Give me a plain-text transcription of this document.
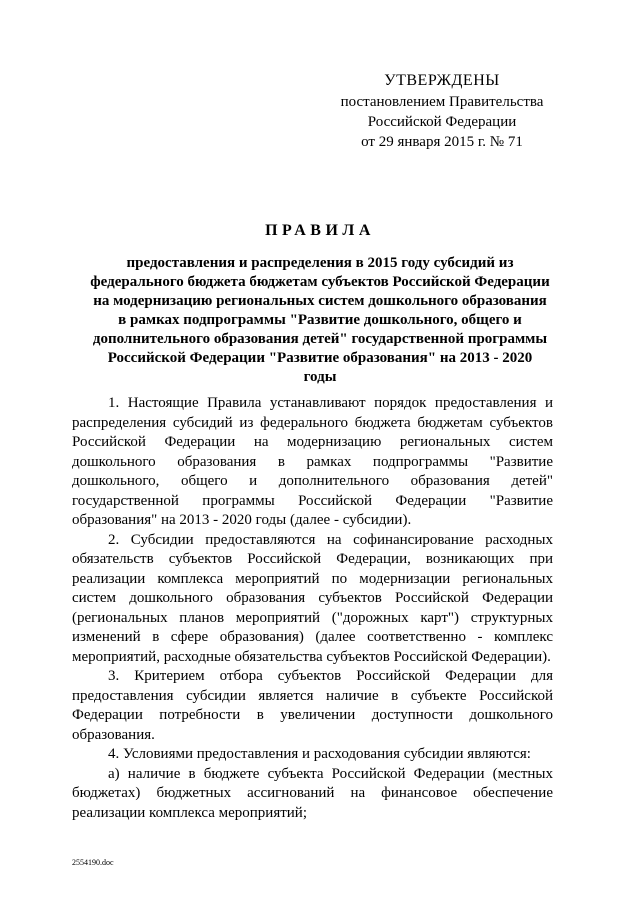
УТВЕРЖДЕНЫ
постановлением Правительства
Российской Федерации
от 29 января 2015 г. № 71
ПРАВИЛА
предоставления и распределения в 2015 году субсидий из федерального бюджета бюджетам субъектов Российской Федерации на модернизацию региональных систем дошкольного образования в рамках подпрограммы "Развитие дошкольного, общего и дополнительного образования детей" государственной программы Российской Федерации "Развитие образования" на 2013 - 2020 годы

1. Настоящие Правила устанавливают порядок предоставления и распределения субсидий из федерального бюджета бюджетам субъектов Российской Федерации на модернизацию региональных систем дошкольного образования в рамках подпрограммы "Развитие дошкольного, общего и дополнительного образования детей" государственной программы Российской Федерации "Развитие образования" на 2013 - 2020 годы (далее - субсидии).

2. Субсидии предоставляются на софинансирование расходных обязательств субъектов Российской Федерации, возникающих при реализации комплекса мероприятий по модернизации региональных систем дошкольного образования субъектов Российской Федерации (региональных планов мероприятий ("дорожных карт") структурных изменений в сфере образования) (далее соответственно - комплекс мероприятий, расходные обязательства субъектов Российской Федерации).

3. Критерием отбора субъектов Российской Федерации для предоставления субсидии является наличие в субъекте Российской Федерации потребности в увеличении доступности дошкольного образования.

4. Условиями предоставления и расходования субсидии являются:

а) наличие в бюджете субъекта Российской Федерации (местных бюджетах) бюджетных ассигнований на финансовое обеспечение реализации комплекса мероприятий;

2554190.doc
